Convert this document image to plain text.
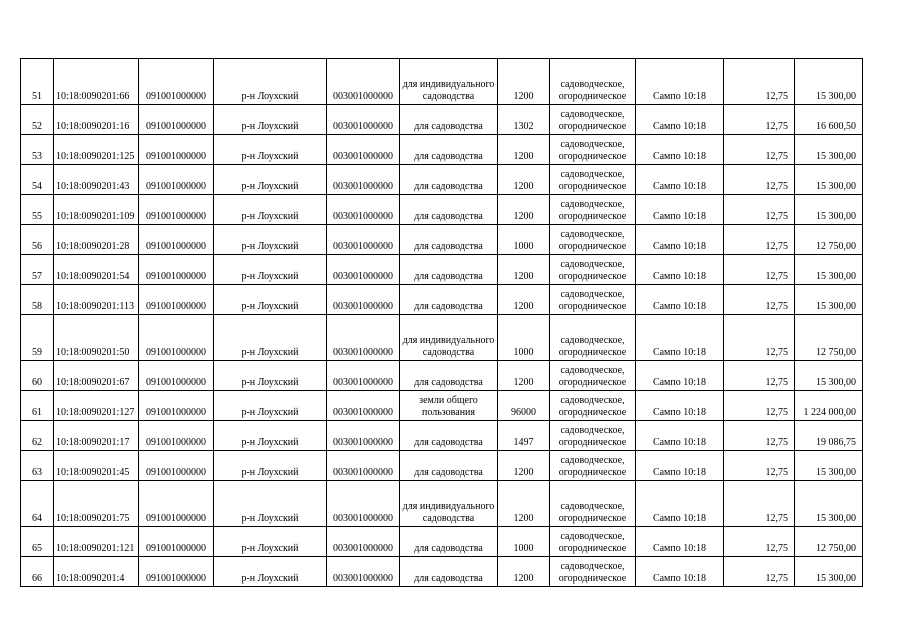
51	10:18:0090201:66	091001000000	р-н Лоухский	003001000000	для индивидуального садоводства	1200	садоводческое, огородническое	Сампо 10:18	12,75	15 300,00
52	10:18:0090201:16	091001000000	р-н Лоухский	003001000000	для садоводства	1302	садоводческое, огородническое	Сампо 10:18	12,75	16 600,50
53	10:18:0090201:125	091001000000	р-н Лоухский	003001000000	для садоводства	1200	садоводческое, огородническое	Сампо 10:18	12,75	15 300,00
54	10:18:0090201:43	091001000000	р-н Лоухский	003001000000	для садоводства	1200	садоводческое, огородническое	Сампо 10:18	12,75	15 300,00
55	10:18:0090201:109	091001000000	р-н Лоухский	003001000000	для садоводства	1200	садоводческое, огородническое	Сампо 10:18	12,75	15 300,00
56	10:18:0090201:28	091001000000	р-н Лоухский	003001000000	для садоводства	1000	садоводческое, огородническое	Сампо 10:18	12,75	12 750,00
57	10:18:0090201:54	091001000000	р-н Лоухский	003001000000	для садоводства	1200	садоводческое, огородническое	Сампо 10:18	12,75	15 300,00
58	10:18:0090201:113	091001000000	р-н Лоухский	003001000000	для садоводства	1200	садоводческое, огородническое	Сампо 10:18	12,75	15 300,00
59	10:18:0090201:50	091001000000	р-н Лоухский	003001000000	для индивидуального садоводства	1000	садоводческое, огородническое	Сампо 10:18	12,75	12 750,00
60	10:18:0090201:67	091001000000	р-н Лоухский	003001000000	для садоводства	1200	садоводческое, огородническое	Сампо 10:18	12,75	15 300,00
61	10:18:0090201:127	091001000000	р-н Лоухский	003001000000	земли общего пользования	96000	садоводческое, огородническое	Сампо 10:18	12,75	1 224 000,00
62	10:18:0090201:17	091001000000	р-н Лоухский	003001000000	для садоводства	1497	садоводческое, огородническое	Сампо 10:18	12,75	19 086,75
63	10:18:0090201:45	091001000000	р-н Лоухский	003001000000	для садоводства	1200	садоводческое, огородническое	Сампо 10:18	12,75	15 300,00
64	10:18:0090201:75	091001000000	р-н Лоухский	003001000000	для индивидуального садоводства	1200	садоводческое, огородническое	Сампо 10:18	12,75	15 300,00
65	10:18:0090201:121	091001000000	р-н Лоухский	003001000000	для садоводства	1000	садоводческое, огородническое	Сампо 10:18	12,75	12 750,00
66	10:18:0090201:4	091001000000	р-н Лоухский	003001000000	для садоводства	1200	садоводческое, огородническое	Сампо 10:18	12,75	15 300,00
